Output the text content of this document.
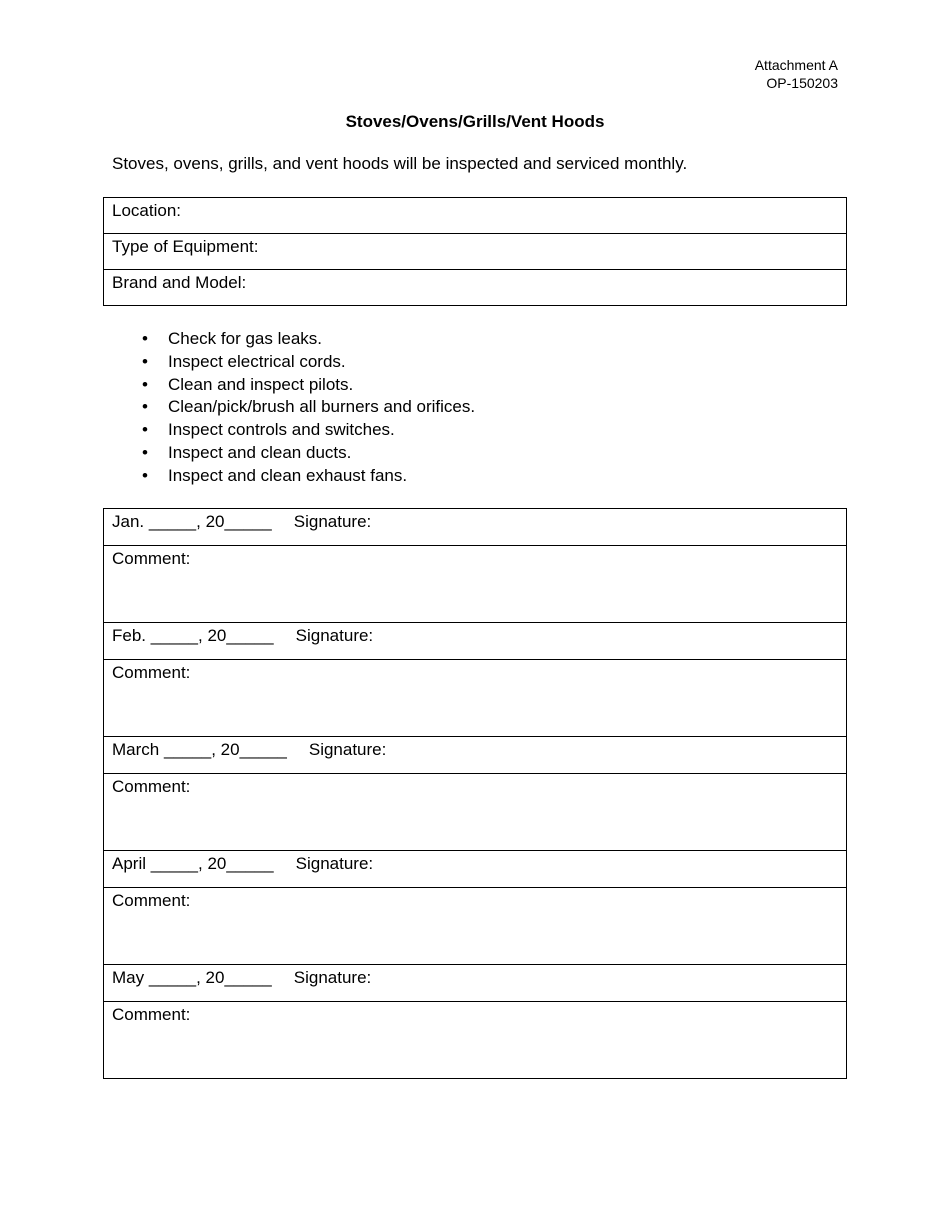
Attachment A
OP-150203
Stoves/Ovens/Grills/Vent Hoods
Stoves, ovens, grills, and vent hoods will be inspected and serviced monthly.
Location:
Type of Equipment:
Brand and Model:
• Check for gas leaks.
• Inspect electrical cords.
• Clean and inspect pilots.
• Clean/pick/brush all burners and orifices.
• Inspect controls and switches.
• Inspect and clean ducts.
• Inspect and clean exhaust fans.
Jan. _____, 20_____ Signature:
Comment:
Feb. _____, 20_____ Signature:
Comment:
March _____, 20_____ Signature:
Comment:
April _____, 20_____ Signature:
Comment:
May _____, 20_____ Signature:
Comment:
